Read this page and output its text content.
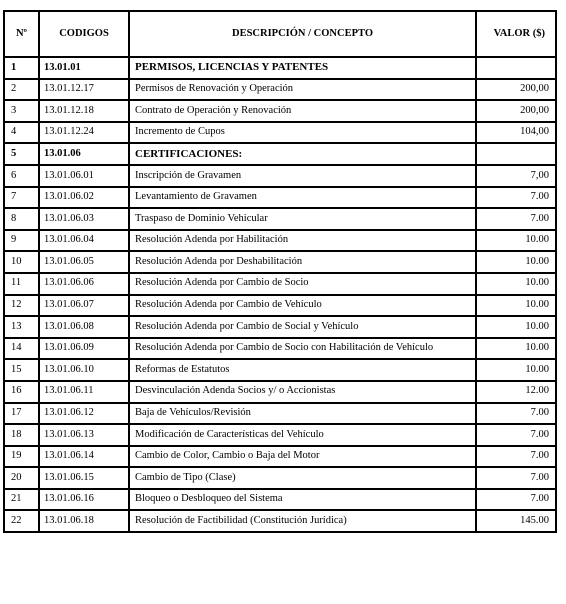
Nº	CODIGOS	DESCRIPCIÓN / CONCEPTO	VALOR ($)
1	13.01.01	PERMISOS, LICENCIAS Y PATENTES	
2	13.01.12.17	Permisos de Renovación y Operación	200,00
3	13.01.12.18	Contrato de Operación y Renovación	200,00
4	13.01.12.24	Incremento de Cupos	104,00
5	13.01.06	CERTIFICACIONES:	
6	13.01.06.01	Inscripción de Gravamen	7,00
7	13.01.06.02	Levantamiento de Gravamen	7.00
8	13.01.06.03	Traspaso de Dominio Vehicular	7.00
9	13.01.06.04	Resolución Adenda por Habilitación	10.00
10	13.01.06.05	Resolución Adenda por Deshabilitación	10.00
11	13.01.06.06	Resolución Adenda por Cambio de Socio	10.00
12	13.01.06.07	Resolución Adenda por Cambio de Vehículo	10.00
13	13.01.06.08	Resolución Adenda por Cambio de Social y Vehículo	10.00
14	13.01.06.09	Resolución Adenda por Cambio de Socio con Habilitación de Vehículo	10.00
15	13.01.06.10	Reformas de Estatutos	10.00
16	13.01.06.11	Desvinculación Adenda Socios y/ o Accionistas	12.00
17	13.01.06.12	Baja de Vehículos/Revisión	7.00
18	13.01.06.13	Modificación de Características del Vehículo	7.00
19	13.01.06.14	Cambio de Color, Cambio o Baja del Motor	7.00
20	13.01.06.15	Cambio de Tipo (Clase)	7.00
21	13.01.06.16	Bloqueo o Desbloqueo del Sistema	7.00
22	13.01.06.18	Resolución de Factibilidad (Constitución Jurídica)	145.00
